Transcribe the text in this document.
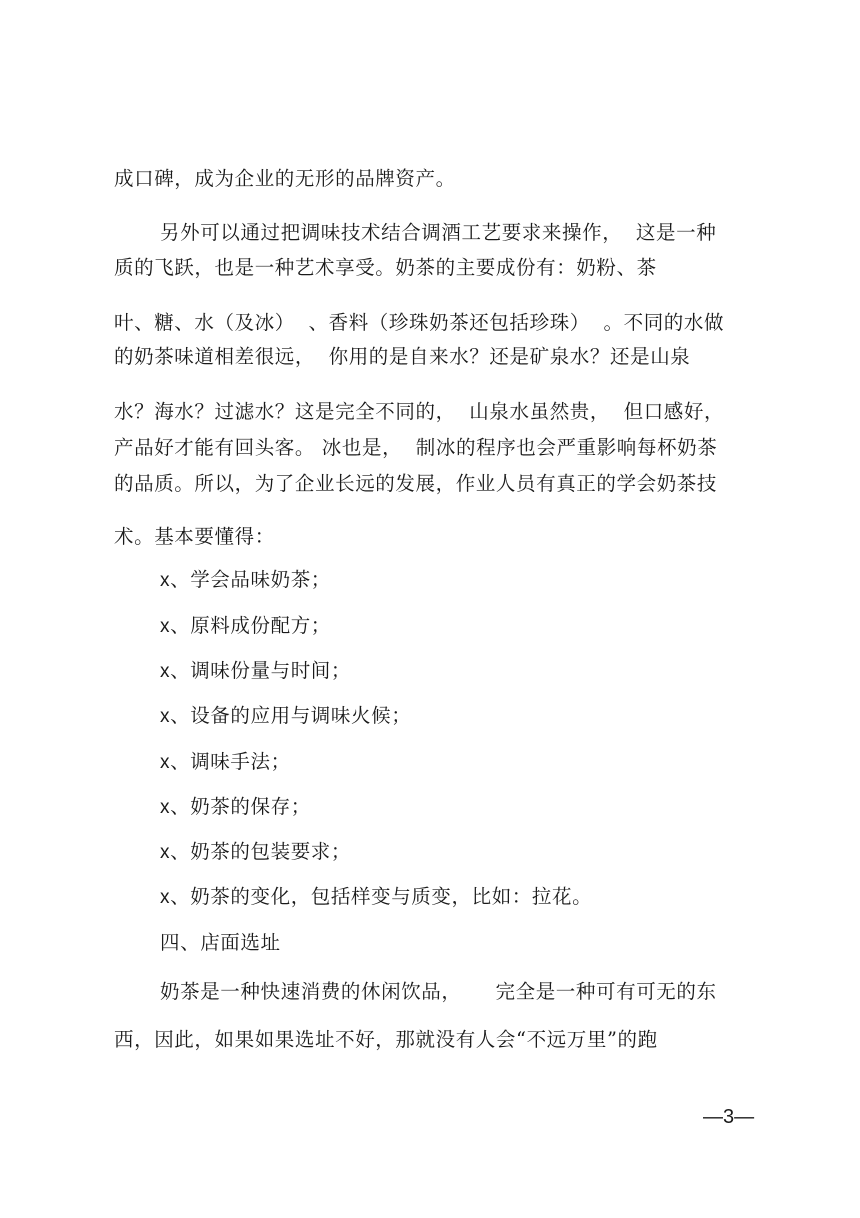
成口碑，成为企业的无形的品牌资产。
另外可以通过把调味技术结合调酒工艺要求来操作，  这是一种
质的飞跃，也是一种艺术享受。奶茶的主要成份有：奶粉、茶
叶、糖、水（及冰）  、香料（珍珠奶茶还包括珍珠）  。不同的水做
的奶茶味道相差很远，  你用的是自来水？还是矿泉水？还是山泉
水？海水？过滤水？这是完全不同的，  山泉水虽然贵，  但口感好，
产品好才能有回头客。 冰也是，  制冰的程序也会严重影响每杯奶茶
的品质。所以，为了企业长远的发展，作业人员有真正的学会奶茶技
术。基本要懂得：
x、学会品味奶茶；
x、原料成份配方；
x、调味份量与时间；
x、设备的应用与调味火候；
x、调味手法；
x、奶茶的保存；
x、奶茶的包装要求；
x、奶茶的变化，包括样变与质变，比如：拉花。
四、店面选址
奶茶是一种快速消费的休闲饮品，     完全是一种可有可无的东
西，因此，如果如果选址不好，那就没有人会“不远万里”的跑
—3—
